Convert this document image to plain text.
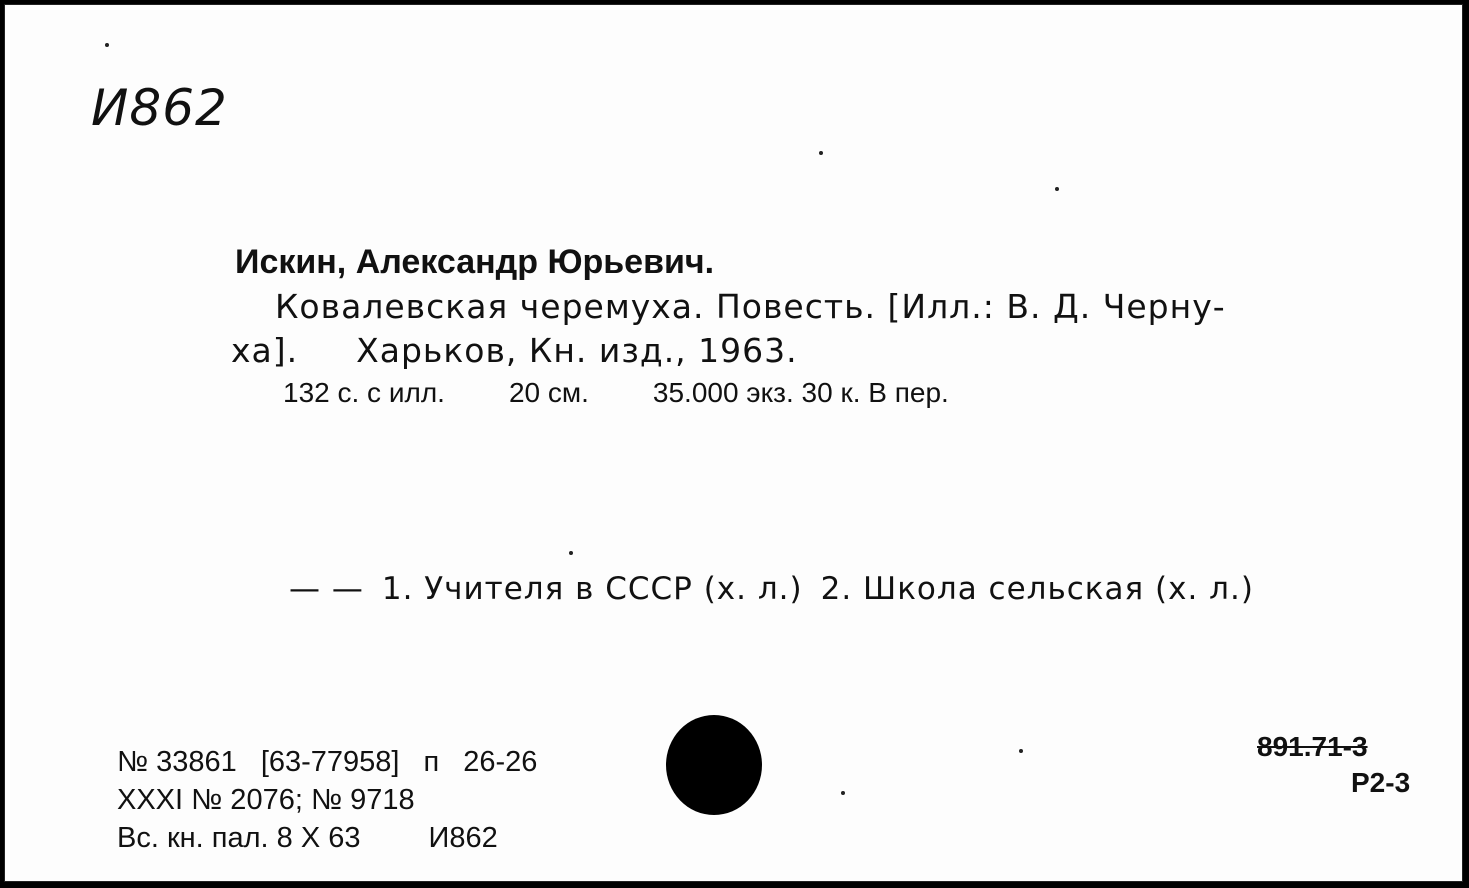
И862
Искин, Александр Юрьевич.
Ковалевская черемуха. Повесть. [Илл.: В. Д. Черну-
ха]. Харьков, Кн. изд., 1963.
132 с. с илл. 20 см. 35.000 экз. 30 к. В пер.
— — 1. Учителя в СССР (х. л.) 2. Школа сельская (х. л.)
№ 33861 [63-77958] п 26-26
XXXI № 2076; № 9718
Вс. кн. пал. 8 X 63 И862
891.71-3
Р2-3
